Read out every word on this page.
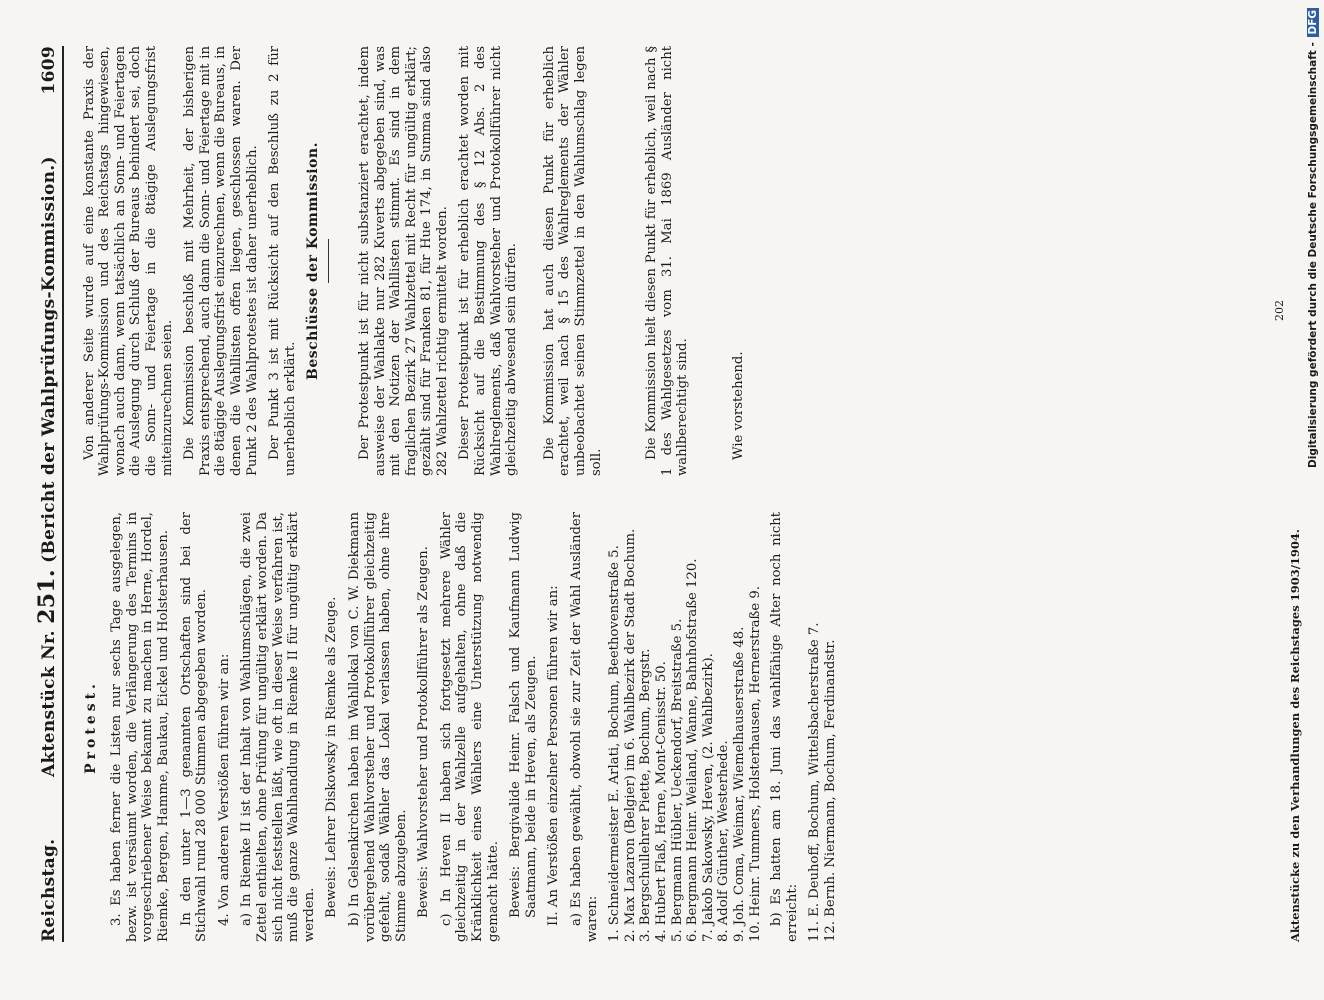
Reichstag.
Aktenstück Nr. 251. (Bericht der Wahlprüfungs-Kommission.)
1609
Protest. 3. Es haben ferner die Listen nur sechs Tage ausgelegen, bezw. ist versäumt worden, die Verlängerung des Termins in vorgeschriebener Weise bekannt zu machen in Herne, Hordel, Riemke, Bergen, Hamme, Baukau, Eickel und Holsterhausen. In den unter 1—3 genannten Ortschaften sind bei der Stichwahl rund 28 000 Stimmen abgegeben worden. 4. Von anderen Verstößen führen wir an: a) In Riemke II ist der Inhalt von Wahlumschlägen, die zwei Zettel enthielten, ohne Prüfung für ungültig erklärt worden. Da sich nicht feststellen läßt, wie oft in dieser Weise verfahren ist, muß die ganze Wahlhandlung in Riemke II für ungültig erklärt werden. Beweis: Lehrer Diskowsky in Riemke als Zeuge. b) In Gelsenkirchen haben im Wahllokal von C. W. Diekmann vorübergehend Wahlvorsteher und Protokollführer gleichzeitig gefehlt, sodaß Wähler das Lokal verlassen haben, ohne ihre Stimme abzugeben. Beweis: Wahlvorsteher und Protokollführer als Zeugen. c) In Heven II haben sich fortgesetzt mehrere Wähler gleichzeitig in der Wahlzelle aufgehalten, ohne daß die Kränklichkeit eines Wählers eine Unterstützung notwendig gemacht hätte. Beweis: Bergivalide Heinr. Falsch und Kaufmann Ludwig Saatmann, beide in Heven, als Zeugen. II. An Verstößen einzelner Personen führen wir an: a) Es haben gewählt, obwohl sie zur Zeit der Wahl Ausländer waren: 1. Schneidermeister E. Arlati, Bochum, Beethovenstraße 5. 2. Max Lazaron (Belgier) im 6. Wahlbezirk der Stadt Bochum. 3. Bergschullehrer Piette, Bochum, Bergstr. 4. Hubert Flaß, Herne, Mont-Cenisstr. 50. 5. Bergmann Hübler, Ueckendorf, Breitstraße 5. 6. Bergmann Heinr. Weiland, Wanne, Bahnhofstraße 120. 7. Jakob Sakowsky, Heven, (2. Wahlbezirk). 8. Adolf Günther, Westerhede. 9. Joh. Coma, Weimar, Wiemelhauserstraße 48. 10. Heinr. Tummers, Holsterhausen, Hernerstraße 9. b) Es hatten am 18. Juni das wahlfähige Alter noch nicht erreicht: 11. E. Deuhoff, Bochum, Wittelsbacherstraße 7. 12. Bernh. Niermann, Bochum, Ferdinandstr.

Von anderer Seite wurde auf eine konstante Praxis der Wahlprüfungs-Kommission und des Reichstags hingewiesen, wonach auch dann, wenn tatsächlich an Sonn- und Feiertagen die Auslegung durch Schluß der Bureaus behindert sei, doch die Sonn- und Feiertage in die 8tägige Auslegungsfrist miteinzurechnen seien. Die Kommission beschloß mit Mehrheit, der bisherigen Praxis entsprechend, auch dann die Sonn- und Feiertage mit in die 8tägige Auslegungsfrist einzurechnen, wenn die Bureaus, in denen die Wahllisten offen liegen, geschlossen waren. Der Punkt 2 des Wahlprotestes ist daher unerheblich. Der Punkt 3 ist mit Rücksicht auf den Beschluß zu 2 für unerheblich erklärt.

Beschlüsse der Kommission.	Der Protestpunkt ist für nicht substanziert erachtet, indem ausweise der Wahlakte nur 282 Kuverts abgegeben sind, was mit den Notizen der Wahllisten stimmt. Es sind in dem fraglichen Bezirk 27 Wahlzettel mit Recht für ungültig erklärt; gezählt sind für Franken 81, für Hue 174, in Summa sind also 282 Wahlzettel richtig ermittelt worden. Dieser Protestpunkt ist für erheblich erachtet worden mit Rücksicht auf die Bestimmung des § 12 Abs. 2 des Wahlreglements, daß Wahlvorsteher und Protokollführer nicht gleichzeitig abwesend sein dürfen. Die Kommission hat auch diesen Punkt für erheblich erachtet, weil nach § 15 des Wahlreglements der Wähler unbeobachtet seinen Stimmzettel in den Wahlumschlag legen soll.

Die Kommission hielt diesen Punkt für erheblich, weil nach § 1 des Wahlgesetzes vom 31. Mai 1869 Ausländer nicht wahlberechtigt sind.	Wie vorstehend.

Aktenstücke zu den Verhandlungen des Reichstages 1903/1904.
202 Digitalisierung gefördert durch die Deutsche Forschungsgemeinschaft - DFG
